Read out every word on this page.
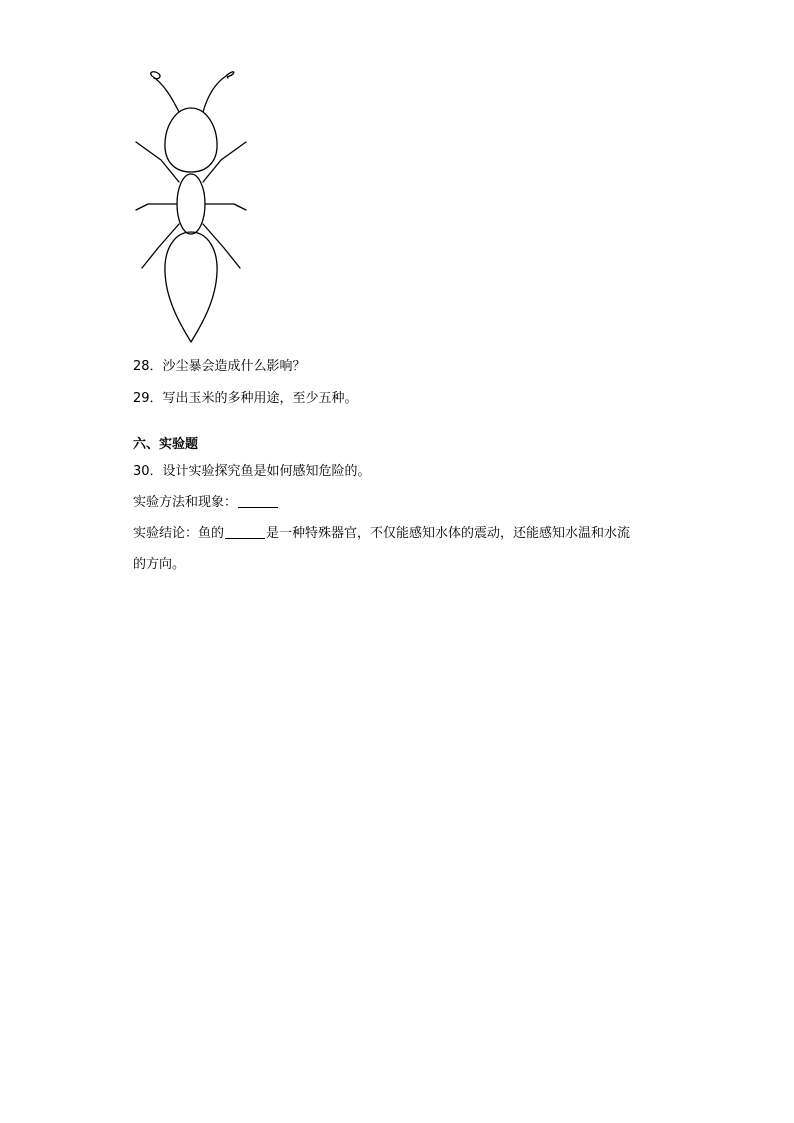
28．沙尘暴会造成什么影响？
29．写出玉米的多种用途，至少五种。
六、实验题
30．设计实验探究鱼是如何感知危险的。
实验方法和现象：
实验结论：鱼的	是一种特殊器官，不仅能感知水体的震动，还能感知水温和水流
的方向。
